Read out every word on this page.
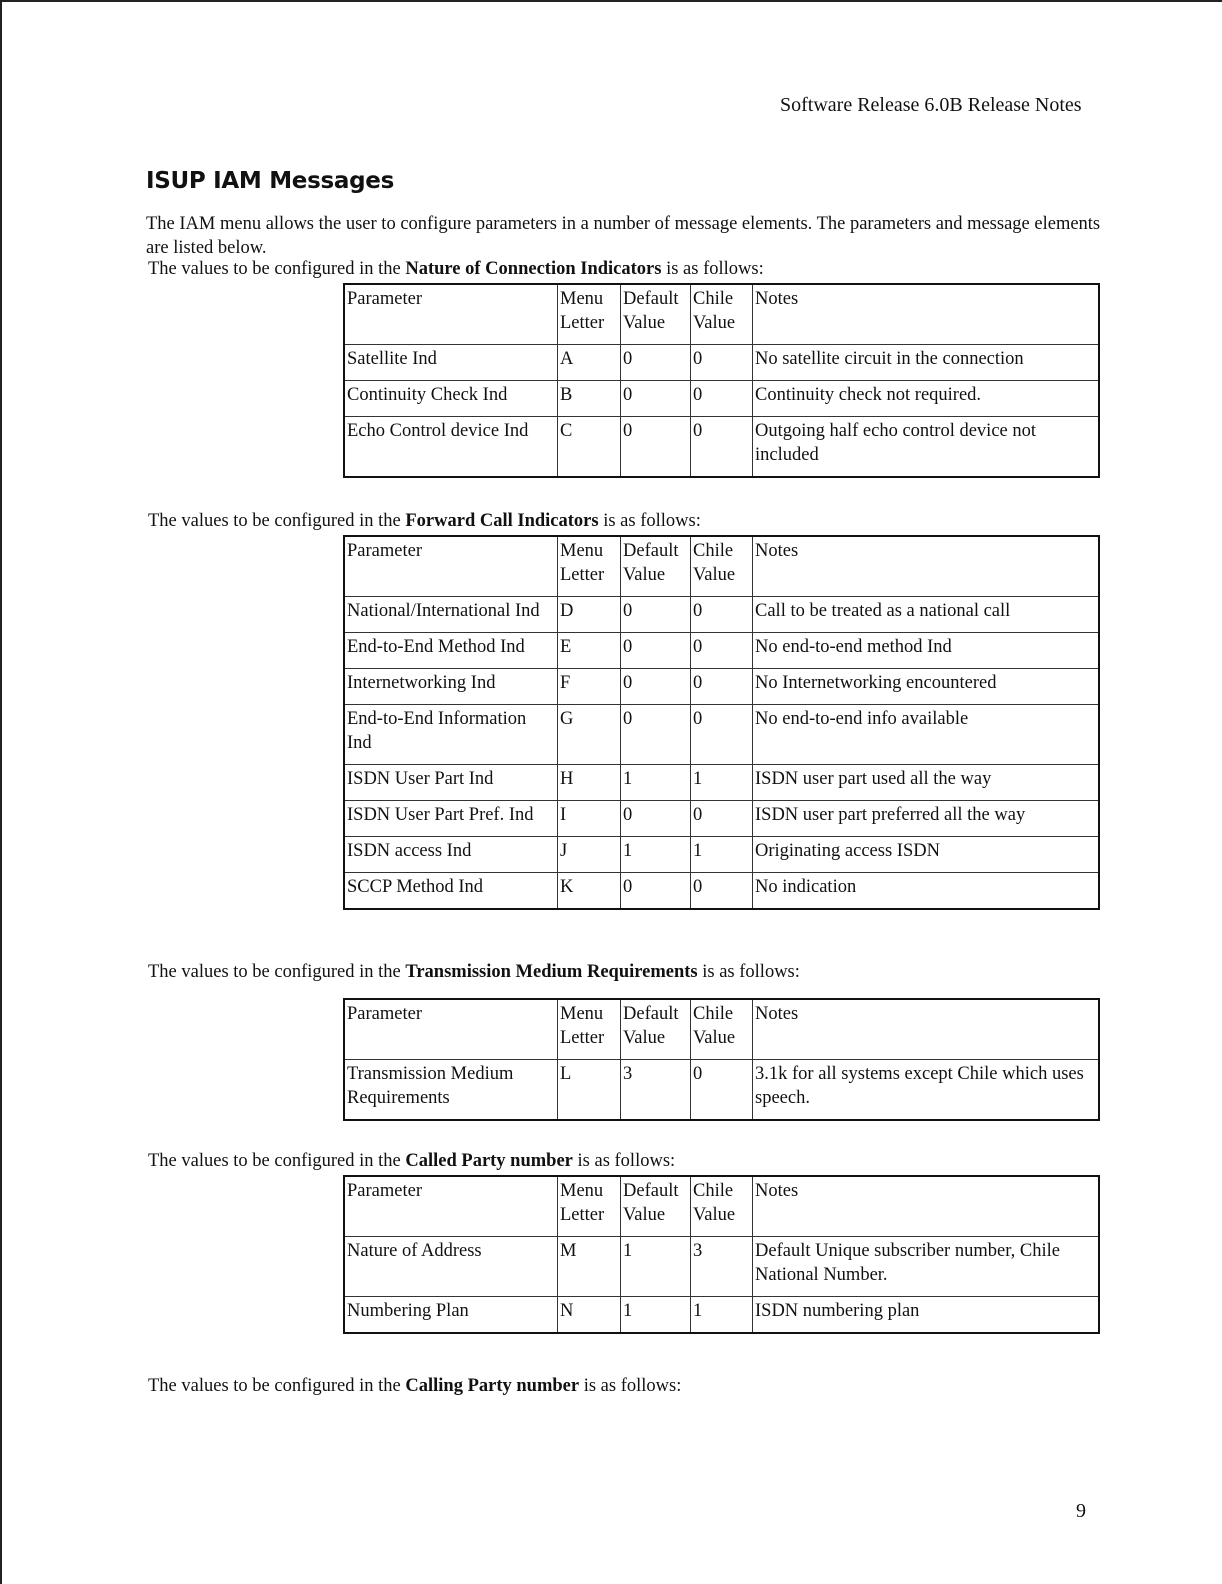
Software Release 6.0B Release Notes
ISUP IAM Messages

The IAM menu allows the user to configure parameters in a number of message elements. The parameters and message elements are listed below.

The values to be configured in the Nature of Connection Indicators is as follows:

Parameter	Menu Letter	Default Value	Chile Value	Notes
Satellite Ind	A	0	0	No satellite circuit in the connection
Continuity Check Ind	B	0	0	Continuity check not required.
Echo Control device Ind	C	0	0	Outgoing half echo control device not included

The values to be configured in the Forward Call Indicators is as follows:

Parameter	Menu Letter	Default Value	Chile Value	Notes
National/International Ind	D	0	0	Call to be treated as a national call
End-to-End Method Ind	E	0	0	No end-to-end method Ind
Internetworking Ind	F	0	0	No Internetworking encountered
End-to-End Information Ind	G	0	0	No end-to-end info available
ISDN User Part Ind	H	1	1	ISDN user part used all the way
ISDN User Part Pref. Ind	I	0	0	ISDN user part preferred all the way
ISDN access Ind	J	1	1	Originating access ISDN
SCCP Method Ind	K	0	0	No indication

The values to be configured in the Transmission Medium Requirements is as follows:

Parameter	Menu Letter	Default Value	Chile Value	Notes
Transmission Medium Requirements	L	3	0	3.1k for all systems except Chile which uses speech.

The values to be configured in the Called Party number is as follows:

Parameter	Menu Letter	Default Value	Chile Value	Notes
Nature of Address	M	1	3	Default Unique subscriber number, Chile National Number.
Numbering Plan	N	1	1	ISDN numbering plan

The values to be configured in the Calling Party number is as follows:

9
